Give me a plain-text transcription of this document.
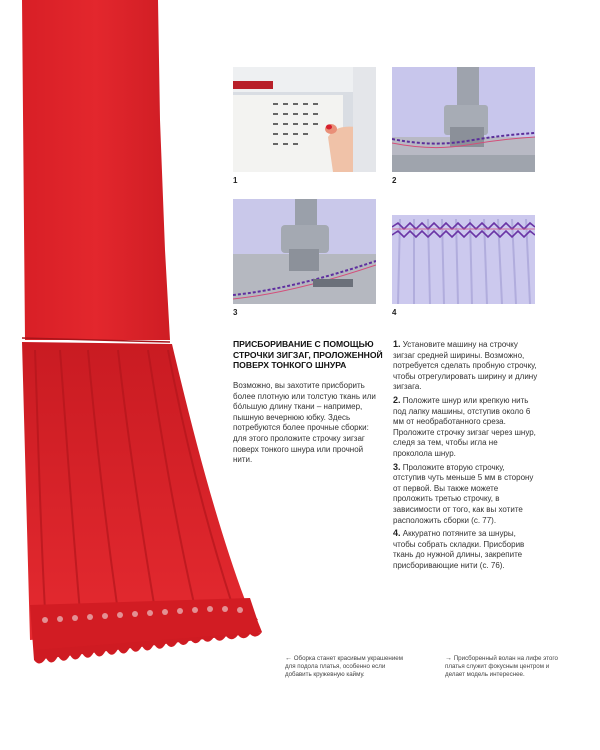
1	2
3	4
ПРИСБОРИВАНИЕ С ПОМОЩЬЮ СТРОЧКИ ЗИГЗАГ, ПРОЛОЖЕННОЙ ПОВЕРХ ТОНКОГО ШНУРА

Возможно, вы захотите присборить более плотную или толстую ткань или бóльшую длину ткани – например, пышную вечернюю юбку. Здесь потребуются более прочные сборки: для этого проложите строчку зигзаг поверх тонкого шнура или прочной нити.

1. Установите машину на строчку зигзаг средней ширины. Возможно, потребуется сделать пробную строчку, чтобы отрегулировать ширину и длину зигзага.

2. Положите шнур или крепкую нить под лапку машины, отступив около 6 мм от необработанного среза. Проложите строчку зигзаг через шнур, следя за тем, чтобы игла не проколола шнур.

3. Проложите вторую строчку, отступив чуть меньше 5 мм в сторону от первой. Вы также можете проложить третью строчку, в зависимости от того, как вы хотите расположить сборки (с. 77).

4. Аккуратно потяните за шнуры, чтобы собрать складки. Присборив ткань до нужной длины, закрепите присборивающие нити (с. 76).

← Оборка станет красивым украшением для подола платья, особенно если добавить кружевную кайму.
→ Присборенный волан на лифе этого платья служит фокусным центром и делает модель интереснее.
